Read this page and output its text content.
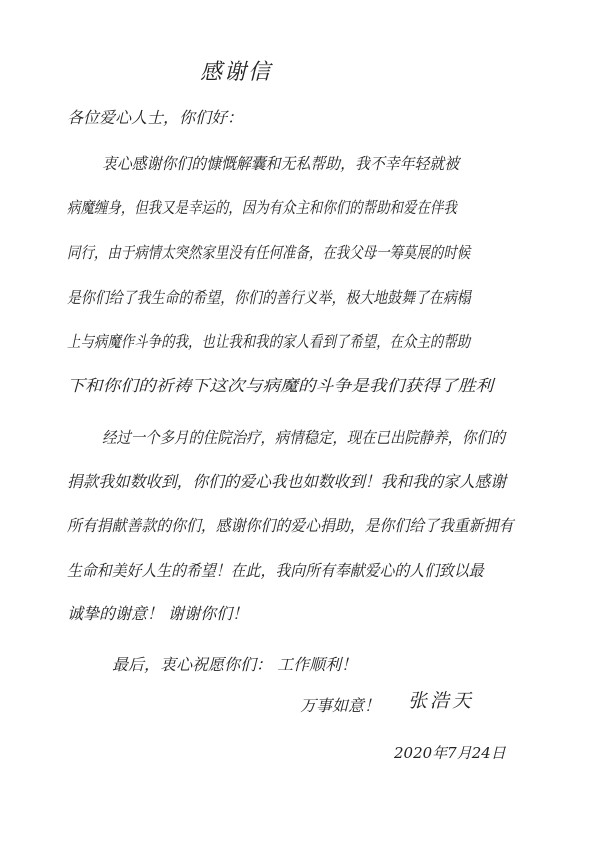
感谢信
各位爱心人士，你们好：
衷心感谢你们的慷慨解囊和无私帮助，我不幸年轻就被
病魔缠身，但我又是幸运的，因为有众主和你们的帮助和爱在伴我
同行，由于病情太突然家里没有任何准备，在我父母一筹莫展的时候
是你们给了我生命的希望，你们的善行义举，极大地鼓舞了在病榻
上与病魔作斗争的我，也让我和我的家人看到了希望，在众主的帮助
下和你们的祈祷下这次与病魔的斗争是我们获得了胜利
经过一个多月的住院治疗，病情稳定，现在已出院静养，你们的
捐款我如数收到，你们的爱心我也如数收到！我和我的家人感谢
所有捐献善款的你们，感谢你们的爱心捐助，是你们给了我重新拥有
生命和美好人生的希望！在此，我向所有奉献爱心的人们致以最
诚挚的谢意！ 谢谢你们！
最后，衷心祝愿你们： 工作顺利！
万事如意！ 张浩天
2020年7月24日
